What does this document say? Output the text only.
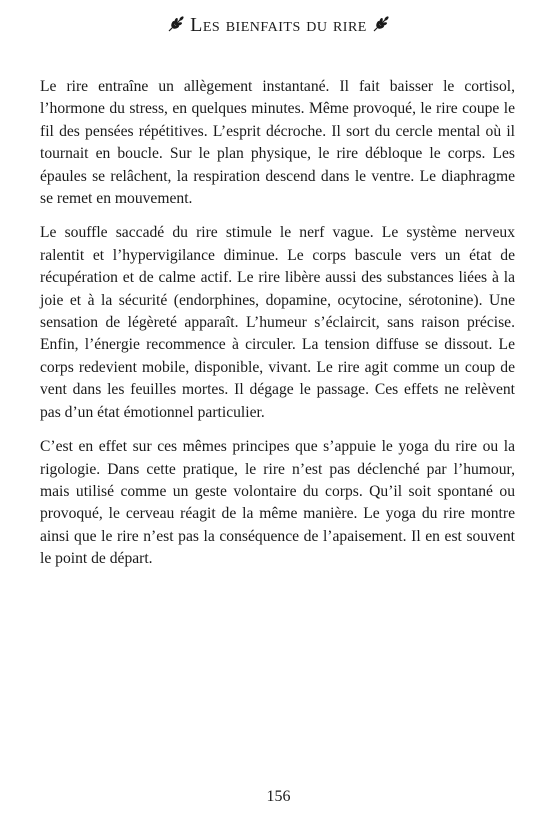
Les bienfaits du rire

Le rire entraîne un allègement instantané. Il fait baisser le cortisol, l’hormone du stress, en quelques minutes. Même provoqué, le rire coupe le fil des pensées répétitives. L’esprit décroche. Il sort du cercle mental où il tournait en boucle. Sur le plan physique, le rire débloque le corps. Les épaules se relâchent, la respiration descend dans le ventre. Le diaphragme se remet en mouvement.

Le souffle saccadé du rire stimule le nerf vague. Le système nerveux ralentit et l’hypervigilance diminue. Le corps bascule vers un état de récupération et de calme actif. Le rire libère aussi des substances liées à la joie et à la sécurité (endorphines, dopamine, ocytocine, sérotonine). Une sensation de légèreté apparaît. L’humeur s’éclaircit, sans raison précise. Enfin, l’énergie recommence à circuler. La tension diffuse se dissout. Le corps redevient mobile, disponible, vivant. Le rire agit comme un coup de vent dans les feuilles mortes. Il dégage le passage. Ces effets ne relèvent pas d’un état émotionnel particulier.

C’est en effet sur ces mêmes principes que s’appuie le yoga du rire ou la rigologie. Dans cette pratique, le rire n’est pas déclenché par l’humour, mais utilisé comme un geste volontaire du corps. Qu’il soit spontané ou provoqué, le cerveau réagit de la même manière. Le yoga du rire montre ainsi que le rire n’est pas la conséquence de l’apaisement. Il en est souvent le point de départ.

156
